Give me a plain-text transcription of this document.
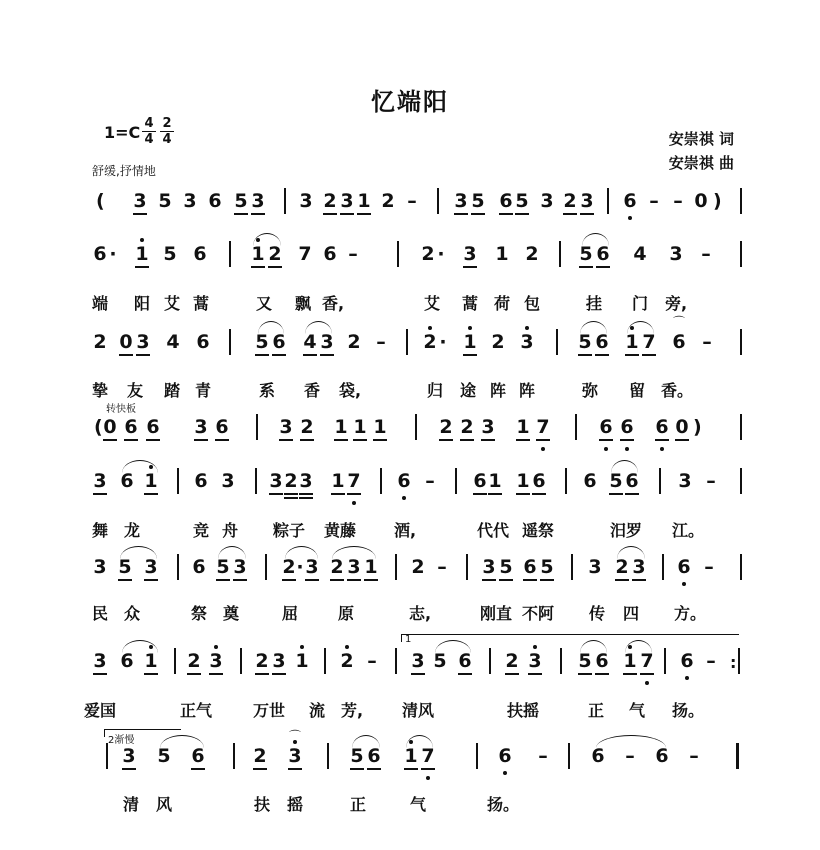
忆端阳
1=C 4
4
2
4
舒缓,抒情地
安崇祺 词
安崇祺 曲
转快板
2渐慢
(	)
3 5 3 6 5 3 3 2 3 1 2 – 3 5 6 5 3 2 3 6 – – 0
6 · 1 5 6 1 2 7 6 –	2 · 3 1 2 5 6 4 3 –
端	阳 艾 蒿	又	飘 香,	艾	蒿 荷 包	挂	门	旁,
2 0 3 4 6 5 6 4 3 2 – 2 · 1 2 3 5 6 1 7 6
⌒
–
挚	友	踏 青	系	香	袋,	归	途 阵 阵	弥	留 香。
(	)
0 6 6 3 6	3 2 1 1 1	2 2 3 1 7	6 6 6 0
3 6 1 6 3 3 2 3 1 7 6 – 6 1 1 6 6 5 6 3 –
舞 龙	竞 舟	粽子	黄藤	酒,	代代 遥祭	汨罗	江。
3 5 3 6 5 3 2 · 3 2 3 1 2 – 3 5 6 5 3 2 3 6 –
民 众	祭 奠	屈	原	志,	刚直 不阿	传	四	方。
3 6 1 2 3 2 3 1 2 – 3 5 6 2 3 5 6 1 7 6 – :
1
爱国	正气	万世	流 芳,	清风	扶摇	正	气	扬。
3 5 6	2 3
⌒
5 6 1 7	6 – 6 – 6 –
清	风	扶	摇	正	气	扬。
